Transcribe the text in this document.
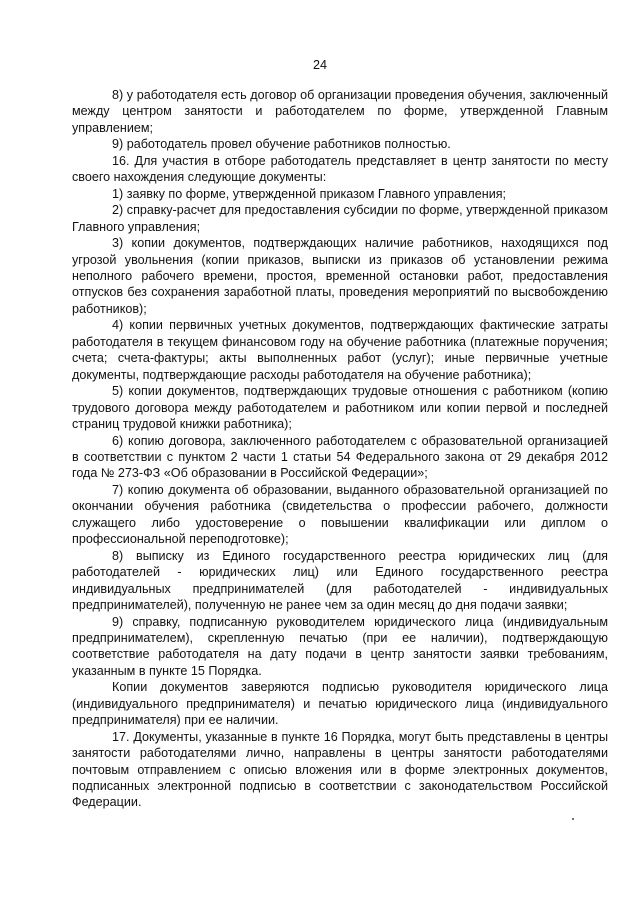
24

8) у работодателя есть договор об организации проведения обучения, заключенный между центром занятости и работодателем по форме, утвержденной Главным управлением;

9) работодатель провел обучение работников полностью.

16. Для участия в отборе работодатель представляет в центр занятости по месту своего нахождения следующие документы:

1) заявку по форме, утвержденной приказом Главного управления;

2) справку-расчет для предоставления субсидии по форме, утвержденной приказом Главного управления;

3) копии документов, подтверждающих наличие работников, находящихся под угрозой увольнения (копии приказов, выписки из приказов об установлении режима неполного рабочего времени, простоя, временной остановки работ, предоставления отпусков без сохранения заработной платы, проведения мероприятий по высвобождению работников);

4) копии первичных учетных документов, подтверждающих фактические затраты работодателя в текущем финансовом году на обучение работника (платежные поручения; счета; счета-фактуры; акты выполненных работ (услуг); иные первичные учетные документы, подтверждающие расходы работодателя на обучение работника);

5) копии документов, подтверждающих трудовые отношения с работником (копию трудового договора между работодателем и работником или копии первой и последней страниц трудовой книжки работника);

6) копию договора, заключенного работодателем с образовательной организацией в соответствии с пунктом 2 части 1 статьи 54 Федерального закона от 29 декабря 2012 года № 273-ФЗ «Об образовании в Российской Федерации»;

7) копию документа об образовании, выданного образовательной организацией по окончании обучения работника (свидетельства о профессии рабочего, должности служащего либо удостоверение о повышении квалификации или диплом о профессиональной переподготовке);

8) выписку из Единого государственного реестра юридических лиц (для работодателей - юридических лиц) или Единого государственного реестра индивидуальных предпринимателей (для работодателей - индивидуальных предпринимателей), полученную не ранее чем за один месяц до дня подачи заявки;

9) справку, подписанную руководителем юридического лица (индивидуальным предпринимателем), скрепленную печатью (при ее наличии), подтверждающую соответствие работодателя на дату подачи в центр занятости заявки требованиям, указанным в пункте 15 Порядка.

Копии документов заверяются подписью руководителя юридического лица (индивидуального предпринимателя) и печатью юридического лица (индивидуального предпринимателя) при ее наличии.

17. Документы, указанные в пункте 16 Порядка, могут быть представлены в центры занятости работодателями лично, направлены в центры занятости работодателями почтовым отправлением с описью вложения или в форме электронных документов, подписанных электронной подписью в соответствии с законодательством Российской Федерации.
